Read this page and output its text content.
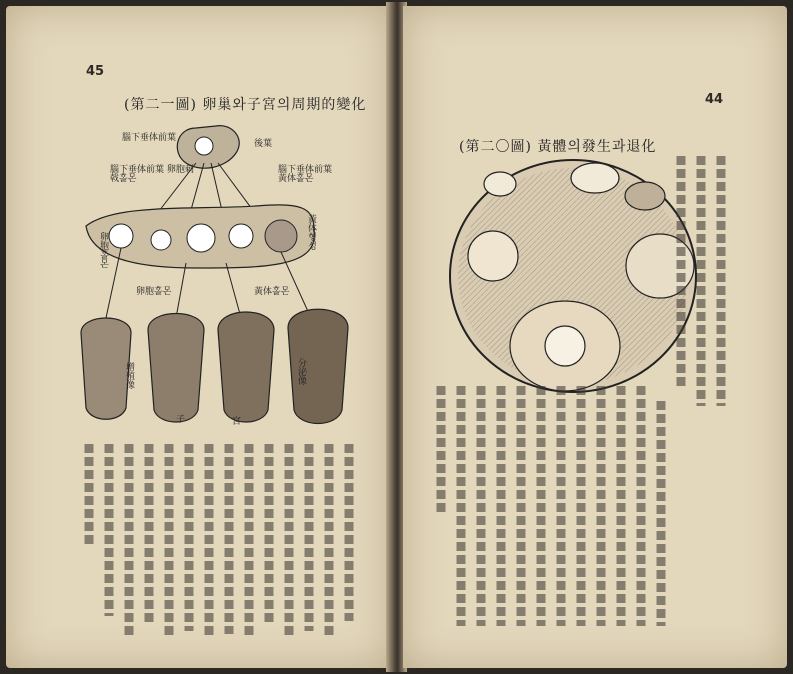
45
(第二一圖) 卵巢와子宮의周期的變化
腦下垂体前葉
後葉
腦下垂体前葉 卵胞刺戟홀몬
腦下垂体前葉 黃体홀몬
卵胞홀몬	黃体형성
卵胞홀몬	黃体홀몬
增殖像	分泌像
子	宮
44
(第二〇圖) 黃體의發生과退化
